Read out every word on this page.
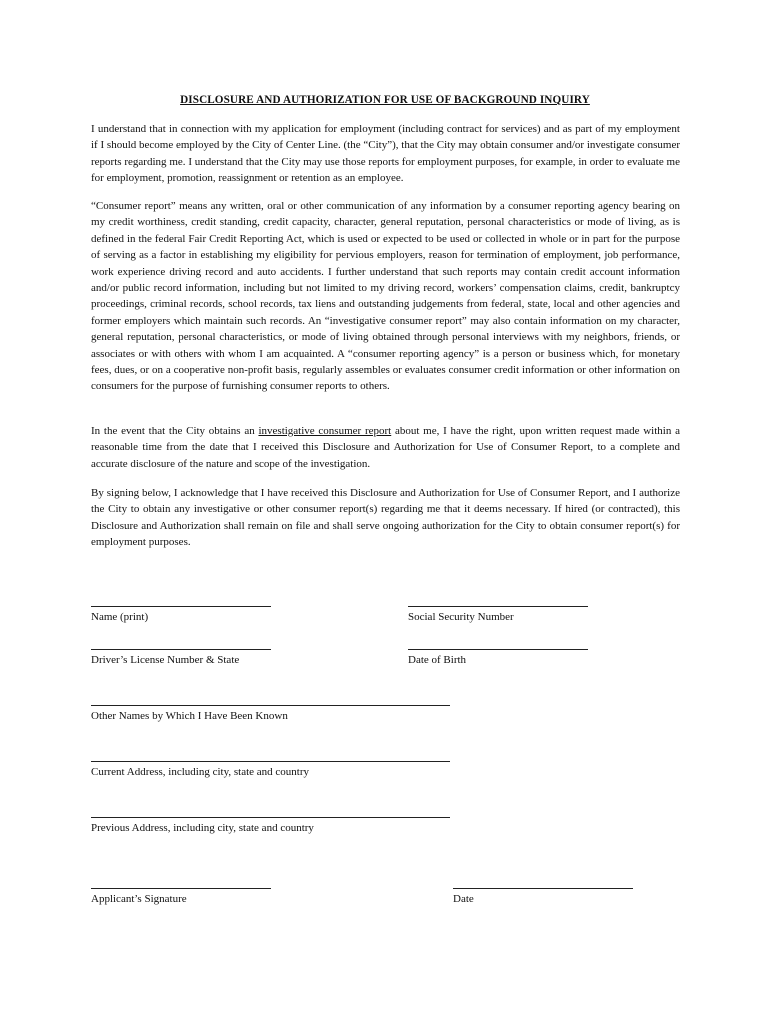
DISCLOSURE AND AUTHORIZATION FOR USE OF BACKGROUND INQUIRY

I understand that in connection with my application for employment (including contract for services) and as part of my employment if I should become employed by the City of Center Line. (the “City”), that the City may obtain consumer and/or investigate consumer reports regarding me. I understand that the City may use those reports for employment purposes, for example, in order to evaluate me for employment, promotion, reassignment or retention as an employee.

“Consumer report” means any written, oral or other communication of any information by a consumer reporting agency bearing on my credit worthiness, credit standing, credit capacity, character, general reputation, personal characteristics or mode of living, as is defined in the federal Fair Credit Reporting Act, which is used or expected to be used or collected in whole or in part for the purpose of serving as a factor in establishing my eligibility for pervious employers, reason for termination of employment, job performance, work experience driving record and auto accidents. I further understand that such reports may contain credit account information and/or public record information, including but not limited to my driving record, workers’ compensation claims, credit, bankruptcy proceedings, criminal records, school records, tax liens and outstanding judgements from federal, state, local and other agencies and former employers which maintain such records. An “investigative consumer report” may also contain information on my character, general reputation, personal characteristics, or mode of living obtained through personal interviews with my neighbors, friends, or associates or with others with whom I am acquainted. A “consumer reporting agency” is a person or business which, for monetary fees, dues, or on a cooperative non-profit basis, regularly assembles or evaluates consumer credit information or other information on consumers for the purpose of furnishing consumer reports to others.

In the event that the City obtains an investigative consumer report about me, I have the right, upon written request made within a reasonable time from the date that I received this Disclosure and Authorization for Use of Consumer Report, to a complete and accurate disclosure of the nature and scope of the investigation.

By signing below, I acknowledge that I have received this Disclosure and Authorization for Use of Consumer Report, and I authorize the City to obtain any investigative or other consumer report(s) regarding me that it deems necessary. If hired (or contracted), this Disclosure and Authorization shall remain on file and shall serve ongoing authorization for the City to obtain consumer report(s) for employment purposes.

Name (print)	Social Security Number
Driver’s License Number & State	Date of Birth
Other Names by Which I Have Been Known
Current Address, including city, state and country
Previous Address, including city, state and country
Applicant’s Signature	Date
